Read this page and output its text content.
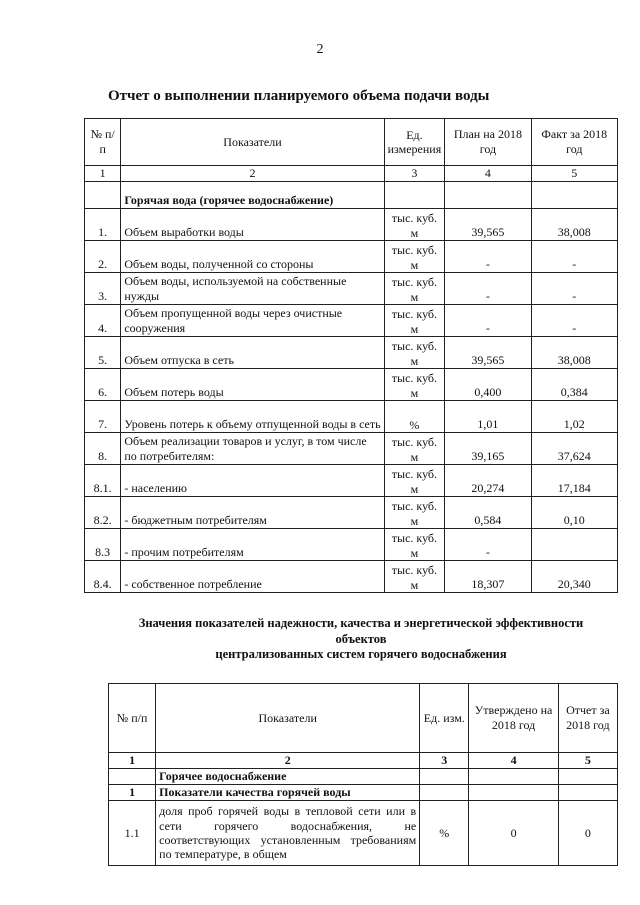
2
Отчет о выполнении планируемого объема подачи воды
№ п/п	Показатели	Ед. измерения	План на 2018 год	Факт за 2018 год
1	2	3	4	5
	Горячая вода (горячее водоснабжение)			
1.	Объем выработки воды	тыс. куб. м	39,565	38,008
2.	Объем воды, полученной со стороны	тыс. куб. м	-	-
3.	Объем воды, используемой на собственные нужды	тыс. куб. м	-	-
4.	Объем пропущенной воды через очистные сооружения	тыс. куб. м	-	-
5.	Объем отпуска в сеть	тыс. куб. м	39,565	38,008
6.	Объем потерь воды	тыс. куб. м	0,400	0,384
7.	Уровень потерь к объему отпущенной воды в сеть	%	1,01	1,02
8.	Объем реализации товаров и услуг, в том числе по потребителям:	тыс. куб. м	39,165	37,624
8.1.	- населению	тыс. куб. м	20,274	17,184
8.2.	- бюджетным потребителям	тыс. куб. м	0,584	0,10
8.3	- прочим потребителям	тыс. куб. м	-	
8.4.	- собственное потребление	тыс. куб. м	18,307	20,340
Значения показателей надежности, качества и энергетической эффективности
объектов
централизованных систем горячего водоснабжения
№ п/п	Показатели	Ед. изм.	Утверждено на 2018 год	Отчет за 2018 год
1	2	3	4	5
	Горячее водоснабжение			
1	Показатели качества горячей воды			
1.1	доля проб горячей воды в тепловой сети или в сети горячего водоснабжения, не соответствующих установленным требованиям по температуре, в общем	%	0	0
